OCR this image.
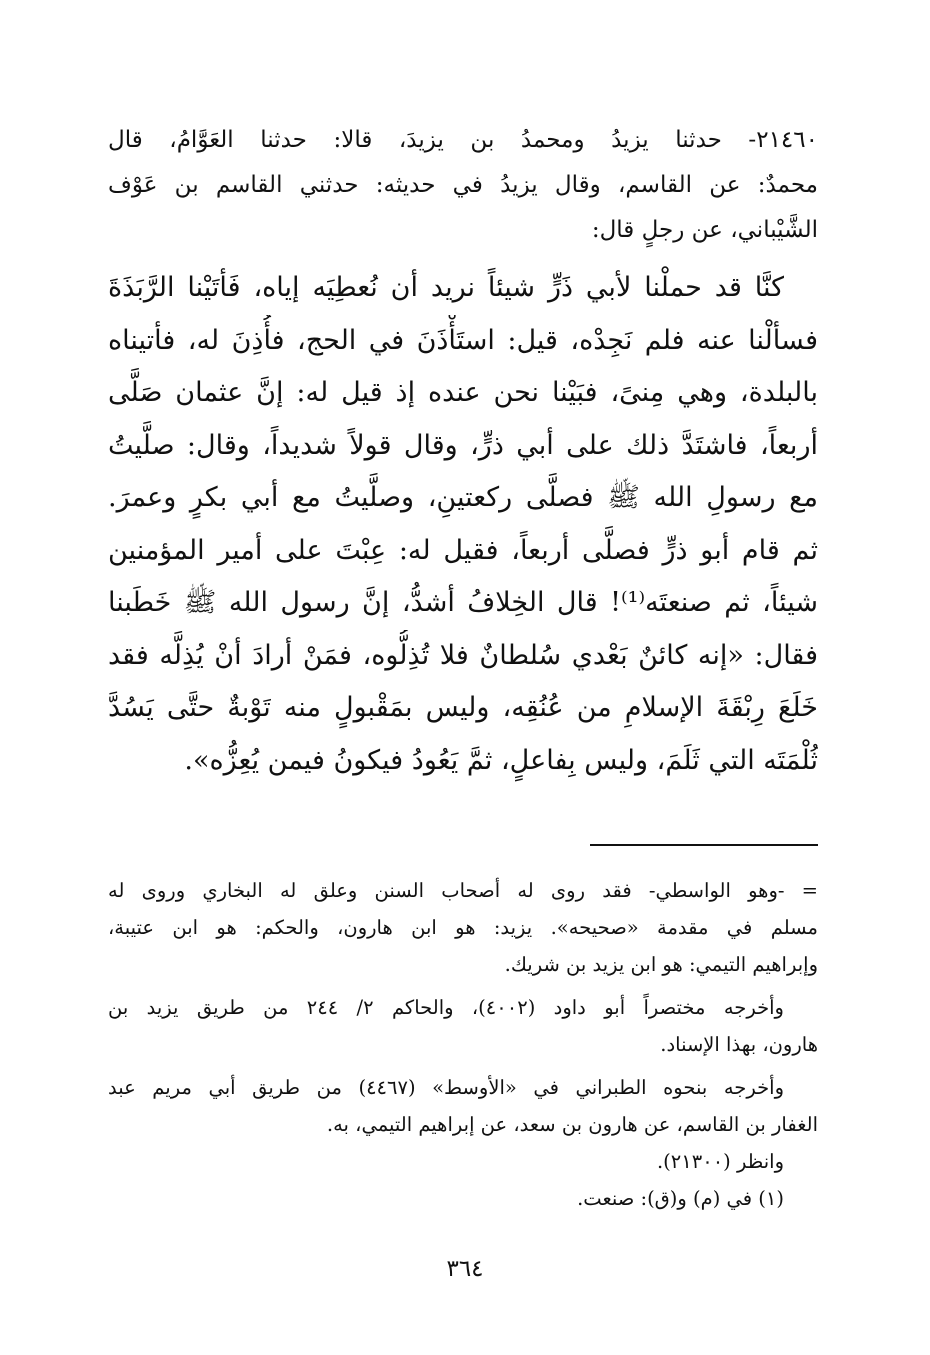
٢١٤٦٠- حدثنا يزيدُ ومحمدُ بن يزيدَ، قالا: حدثنا العَوَّامُ، قال
محمدٌ: عن القاسم، وقال يزيدُ في حديثه: حدثني القاسم بن عَوْف
الشَّيْباني، عن رجلٍ قال:
كنَّا قد حملْنا لأبي ذَرٍّ شيئاً نريد أن نُعطِيَه إياه، فَأتَيْنا الرَّبَذَةَ
فسألْنا عنه فلم نَجِدْه، قيل: استَأْذَنَ في الحج، فأُذِنَ له، فأتيناه
بالبلدة، وهي مِنىً، فبَيْنا نحن عنده إذ قيل له: إنَّ عثمان صَلَّى
أربعاً، فاشتَدَّ ذلك على أبي ذرٍّ، وقال قولاً شديداً، وقال: صلَّيتُ
مع رسولِ الله ﷺ فصلَّى ركعتينِ، وصلَّيتُ مع أبي بكرٍ وعمرَ.
ثم قام أبو ذرٍّ فصلَّى أربعاً، فقيل له: عِبْتَ على أمير المؤمنين
شيئاً، ثم صنعتَه⁽¹⁾! قال الخِلافُ أشدُّ، إنَّ رسول الله ﷺ خَطَبنا
فقال: «إنه كائنٌ بَعْدي سُلطانٌ فلا تُذِلُّوه، فمَنْ أرادَ أنْ يُذِلَّه فقد
خَلَعَ رِبْقَةَ الإسلامِ من عُنُقِه، وليس بمَقْبولٍ منه تَوْبةٌ حتَّى يَسُدَّ
ثُلْمَتَه التي ثَلَمَ، وليس بِفاعلٍ، ثمَّ يَعُودُ فيكونُ فيمن يُعِزُّه».
= -وهو الواسطي- فقد روى له أصحاب السنن وعلق له البخاري وروى له
مسلم في مقدمة «صحيحه». يزيد: هو ابن هارون، والحكم: هو ابن عتيبة،
وإبراهيم التيمي: هو ابن يزيد بن شريك.
وأخرجه مختصراً أبو داود (٤٠٠٢)، والحاكم ٢/ ٢٤٤ من طريق يزيد بن
هارون، بهذا الإسناد.
وأخرجه بنحوه الطبراني في «الأوسط» (٤٤٦٧) من طريق أبي مريم عبد
الغفار بن القاسم، عن هارون بن سعد، عن إبراهيم التيمي، به.
وانظر (٢١٣٠٠).
(١) في (م) و(ق): صنعت.
٣٦٤
